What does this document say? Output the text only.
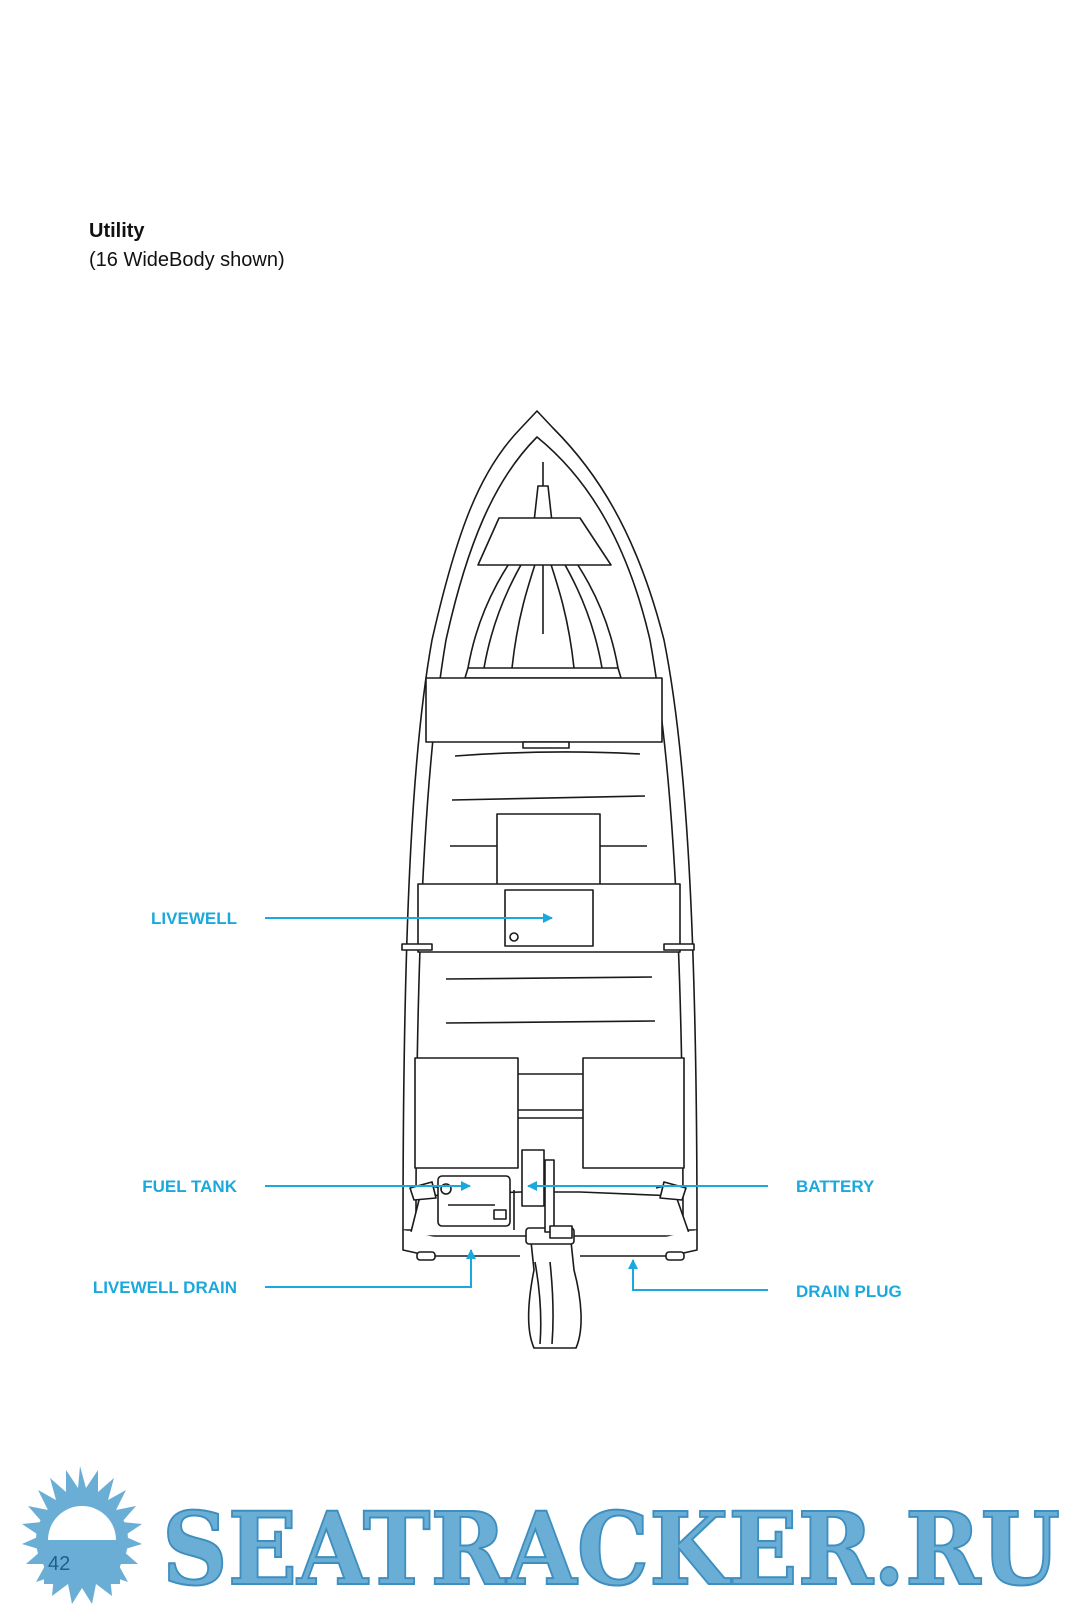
Utility
(16 WideBody shown)
LIVEWELL
FUEL TANK
LIVEWELL DRAIN
BATTERY
DRAIN PLUG
42 SEATRACKER.RU
